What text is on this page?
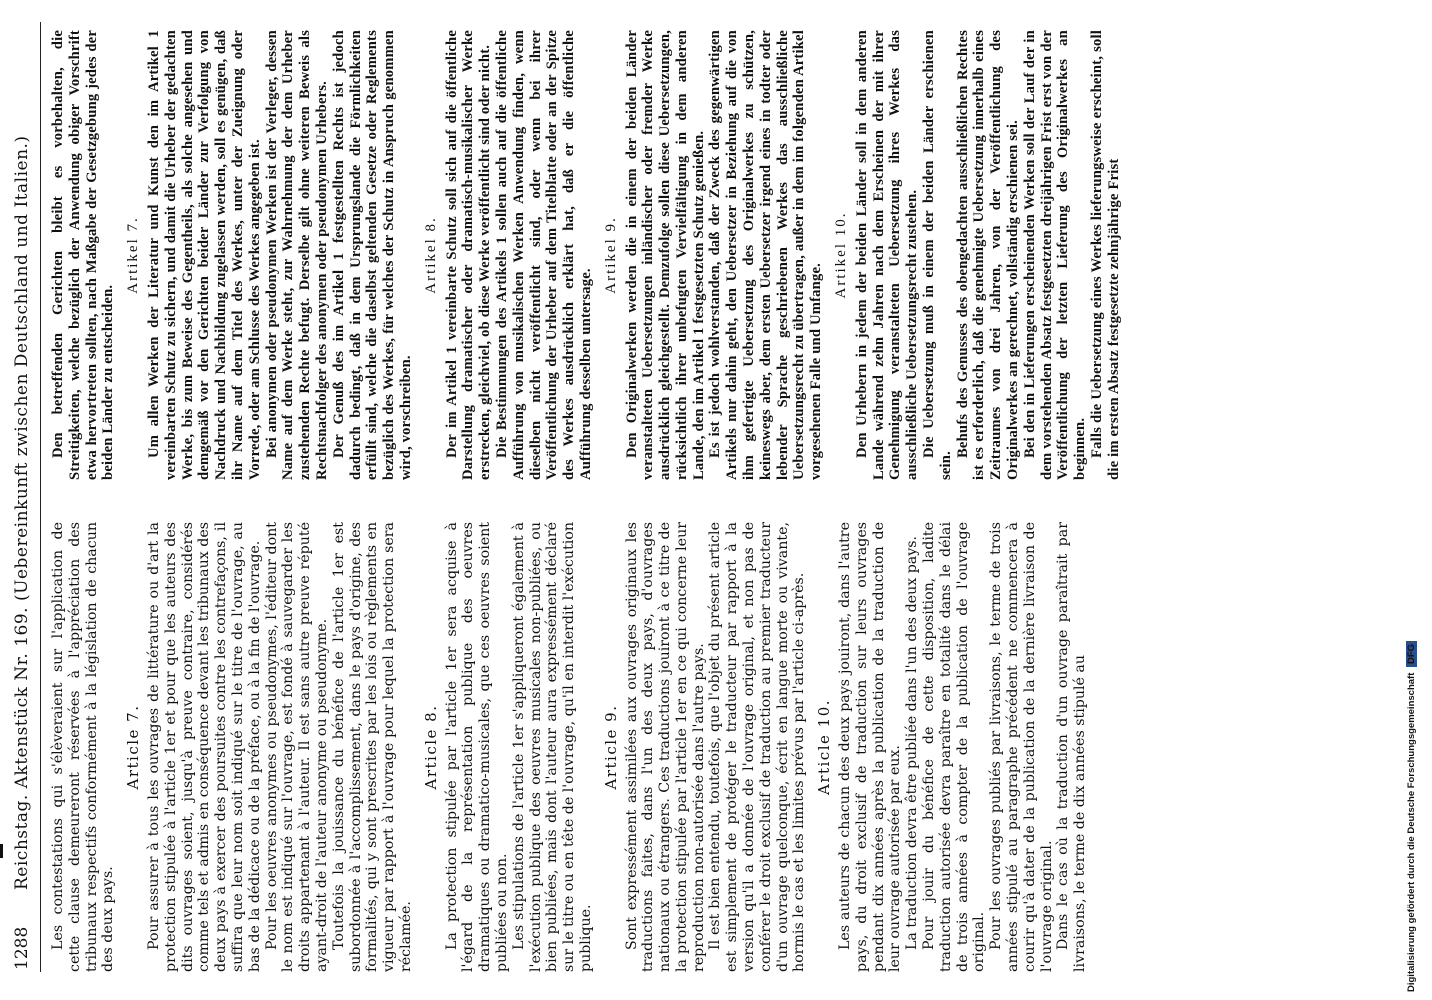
1288
Reichstag. Aktenstück Nr. 169. (Uebereinkunft zwischen Deutschland und Italien.) Les contestations qui s'élèveraient sur l'application de cette clause demeureront réservées à l'appréciation des tribunaux respectifs conformément à la législation de chacun des deux pays.

Article 7. Pour assurer à tous les ouvrages de littérature ou d'art la protection stipulée à l'article 1er et pour que les auteurs des dits ouvrages soient, jusqu'à preuve contraire, considérés comme tels et admis en conséquence devant les tribunaux des deux pays à exercer des poursuites contre les contrefaçons, il suffira que leur nom soit indiqué sur le titre de l'ouvrage, au bas de la dédicace ou de la préface, ou à la fin de l'ouvrage. Pour les oeuvres anonymes ou pseudonymes, l'éditeur dont le nom est indiqué sur l'ouvrage, est fondé à sauvegarder les droits appartenant à l'auteur. Il est sans autre preuve réputé ayant-droit de l'auteur anonyme ou pseudonyme. Toutefois la jouissance du bénéfice de l'article 1er est subordonnée à l'accomplissement, dans le pays d'origine, des formalités, qui y sont prescrites par les lois ou règlements en vigueur par rapport à l'ouvrage pour lequel la protection sera réclamée.

Article 8. La protection stipulée par l'article 1er sera acquise à l'égard de la représentation publique des oeuvres dramatiques ou dramatico-musicales, que ces oeuvres soient publiées ou non. Les stipulations de l'article 1er s'appliqueront également à l'exécution publique des oeuvres musicales non-publiées, ou bien publiées, mais dont l'auteur aura expressément déclaré sur le titre ou en tête de l'ouvrage, qu'il en interdit l'exécution publique.

Article 9. Sont expressément assimilées aux ouvrages originaux les traductions faites, dans l'un des deux pays, d'ouvrages nationaux ou étrangers. Ces traductions jouiront à ce titre de la protection stipulée par l'article 1er en ce qui concerne leur reproduction non-autorisée dans l'autre pays. Il est bien entendu, toutefois, que l'objet du présent article est simplement de protéger le traducteur par rapport à la version qu'il a donnée de l'ouvrage original, et non pas de conférer le droit exclusif de traduction au premier traducteur d'un ouvrage quelconque, écrit en langue morte ou vivante, hormis le cas et les limites prévus par l'article ci-après. Article 10. Les auteurs de chacun des deux pays jouiront, dans l'autre pays, du droit exclusif de traduction sur leurs ouvrages pendant dix années après la publication de la traduction de leur ouvrage autorisée par eux. La traduction devra être publiée dans l'un des deux pays. Pour jouir du bénéfice de cette disposition, ladite traduction autorisée devra paraître en totalité dans le délai de trois années à compter de la publication de l'ouvrage original. Pour les ouvrages publiés par livraisons, le terme de trois années stipulé au paragraphe précédent ne commencera à courir qu'à dater de la publication de la dernière livraison de l'ouvrage original. Dans le cas où la traduction d'un ouvrage paraîtrait par livraisons, le terme de dix années stipulé au

Den betreffenden Gerichten bleibt es vorbehalten, die Streitigkeiten, welche bezüglich der Anwendung obiger Vorschrift etwa hervortreten sollten, nach Maßgabe der Gesetzgebung jedes der beiden Länder zu entscheiden.

Artikel 7. Um allen Werken der Literatur und Kunst den im Artikel 1 vereinbarten Schutz zu sichern, und damit die Urheber der gedachten Werke, bis zum Beweise des Gegentheils, als solche angesehen und demgemäß vor den Gerichten beider Länder zur Verfolgung von Nachdruck und Nachbildung zugelassen werden, soll es genügen, daß ihr Name auf dem Titel des Werkes, unter der Zueignung oder Vorrede, oder am Schlusse des Werkes angegeben ist. Bei anonymen oder pseudonymen Werken ist der Verleger, dessen Name auf dem Werke steht, zur Wahrnehmung der dem Urheber zustehenden Rechte befugt. Derselbe gilt ohne weiteren Beweis als Rechtsnachfolger des anonymen oder pseudonymen Urhebers. Der Genuß des im Artikel 1 festgestellten Rechts ist jedoch dadurch bedingt, daß in dem Ursprungslande die Förmlichkeiten erfüllt sind, welche die daselbst geltenden Gesetze oder Reglements bezüglich des Werkes, für welches der Schutz in Anspruch genommen wird, vorschreiben.

Artikel 8. Der im Artikel 1 vereinbarte Schutz soll sich auf die öffentliche Darstellung dramatischer oder dramatisch-musikalischer Werke erstrecken, gleichviel, ob diese Werke veröffentlicht sind oder nicht. Die Bestimmungen des Artikels 1 sollen auch auf die öffentliche Aufführung von musikalischen Werken Anwendung finden, wenn dieselben nicht veröffentlicht sind, oder wenn bei ihrer Veröffentlichung der Urheber auf dem Titelblatte oder an der Spitze des Werkes ausdrücklich erklärt hat, daß er die öffentliche Aufführung desselben untersage.

Artikel 9. Den Originalwerken werden die in einem der beiden Länder veranstalteten Uebersetzungen inländischer oder fremder Werke ausdrücklich gleichgestellt. Demzufolge sollen diese Uebersetzungen, rücksichtlich ihrer unbefugten Vervielfältigung in dem anderen Lande, den im Artikel 1 festgesetzten Schutz genießen. Es ist jedoch wohlverstanden, daß der Zweck des gegenwärtigen Artikels nur dahin geht, den Uebersetzer in Beziehung auf die von ihm gefertigte Uebersetzung des Originalwerkes zu schützen, keineswegs aber, dem ersten Uebersetzer irgend eines in todter oder lebender Sprache geschriebenen Werkes das ausschließliche Uebersetzungsrecht zu übertragen, außer in dem im folgenden Artikel vorgesehenen Falle und Umfange.

Artikel 10. Den Urhebern in jedem der beiden Länder soll in dem anderen Lande während zehn Jahren nach dem Erscheinen der mit ihrer Genehmigung veranstalteten Uebersetzung ihres Werkes das ausschließliche Uebersetzungsrecht zustehen. Die Uebersetzung muß in einem der beiden Länder erschienen sein.

Behufs des Genusses des obengedachten ausschließlichen Rechtes ist es erforderlich, daß die genehmigte Uebersetzung innerhalb eines Zeitraumes von drei Jahren, von der Veröffentlichung des Originalwerkes an gerechnet, vollständig erschienen sei. Bei den in Lieferungen erscheinenden Werken soll der Lauf der in dem vorstehenden Absatz festgesetzten dreijährigen Frist erst von der Veröffentlichung der letzten Lieferung des Originalwerkes an beginnen. Falls die Uebersetzung eines Werkes lieferungsweise erscheint, soll die im ersten Absatz festgesetzte zehnjährige Frist

Digitalisierung gefördert durch die Deutsche Forschungsgemeinschaft DFG
